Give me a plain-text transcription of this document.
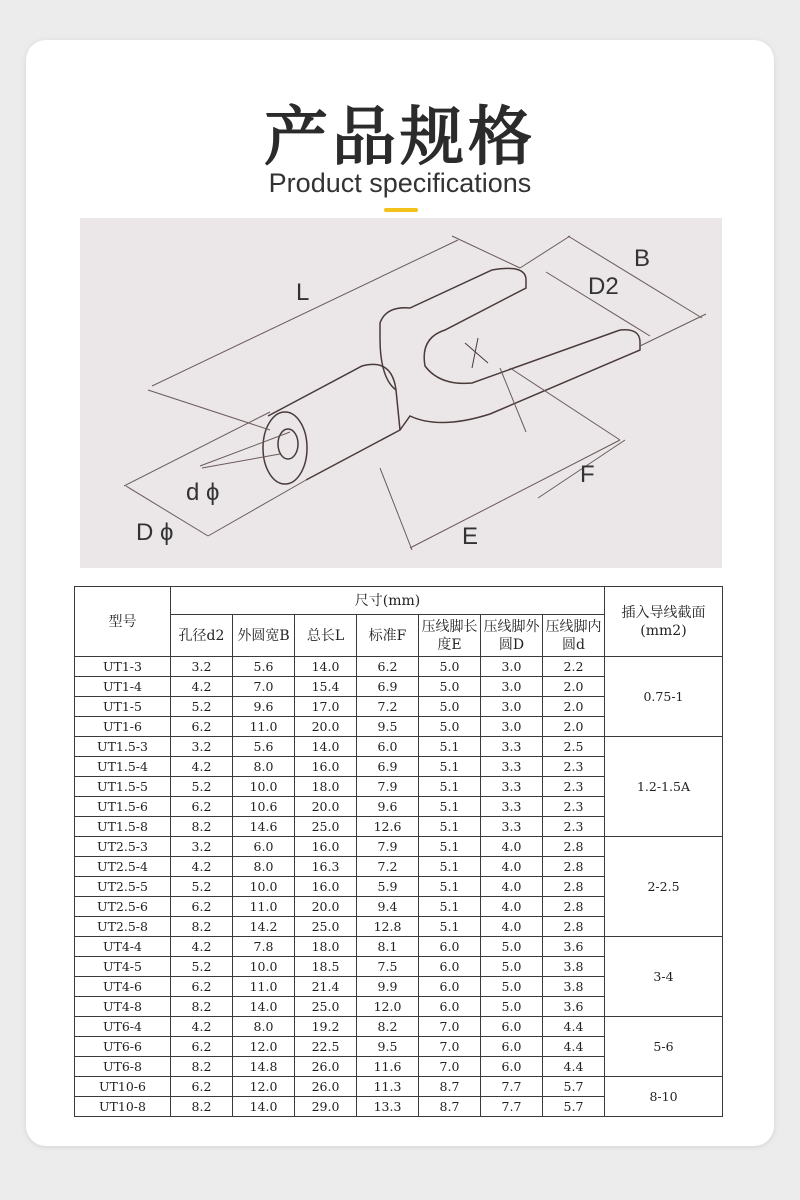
产品规格
Product specifications
L
B
D2
F
E
d ϕ
D ϕ
型号	尺寸(mm)							插入导线截面(mm2)
	孔径d2	外圆宽B	总长L	标准F	压线脚长度E	压线脚外圆D	压线脚内圆d	
UT1-3	3.2	5.6	14.0	6.2	5.0	3.0	2.2	0.75-1
UT1-4	4.2	7.0	15.4	6.9	5.0	3.0	2.0	
UT1-5	5.2	9.6	17.0	7.2	5.0	3.0	2.0	
UT1-6	6.2	11.0	20.0	9.5	5.0	3.0	2.0	
UT1.5-3	3.2	5.6	14.0	6.0	5.1	3.3	2.5	1.2-1.5A
UT1.5-4	4.2	8.0	16.0	6.9	5.1	3.3	2.3	
UT1.5-5	5.2	10.0	18.0	7.9	5.1	3.3	2.3	
UT1.5-6	6.2	10.6	20.0	9.6	5.1	3.3	2.3	
UT1.5-8	8.2	14.6	25.0	12.6	5.1	3.3	2.3	
UT2.5-3	3.2	6.0	16.0	7.9	5.1	4.0	2.8	2-2.5
UT2.5-4	4.2	8.0	16.3	7.2	5.1	4.0	2.8	
UT2.5-5	5.2	10.0	16.0	5.9	5.1	4.0	2.8	
UT2.5-6	6.2	11.0	20.0	9.4	5.1	4.0	2.8	
UT2.5-8	8.2	14.2	25.0	12.8	5.1	4.0	2.8	
UT4-4	4.2	7.8	18.0	8.1	6.0	5.0	3.6	3-4
UT4-5	5.2	10.0	18.5	7.5	6.0	5.0	3.8	
UT4-6	6.2	11.0	21.4	9.9	6.0	5.0	3.8	
UT4-8	8.2	14.0	25.0	12.0	6.0	5.0	3.6	
UT6-4	4.2	8.0	19.2	8.2	7.0	6.0	4.4	5-6
UT6-6	6.2	12.0	22.5	9.5	7.0	6.0	4.4	
UT6-8	8.2	14.8	26.0	11.6	7.0	6.0	4.4	
UT10-6	6.2	12.0	26.0	11.3	8.7	7.7	5.7	8-10
UT10-8	8.2	14.0	29.0	13.3	8.7	7.7	5.7	
